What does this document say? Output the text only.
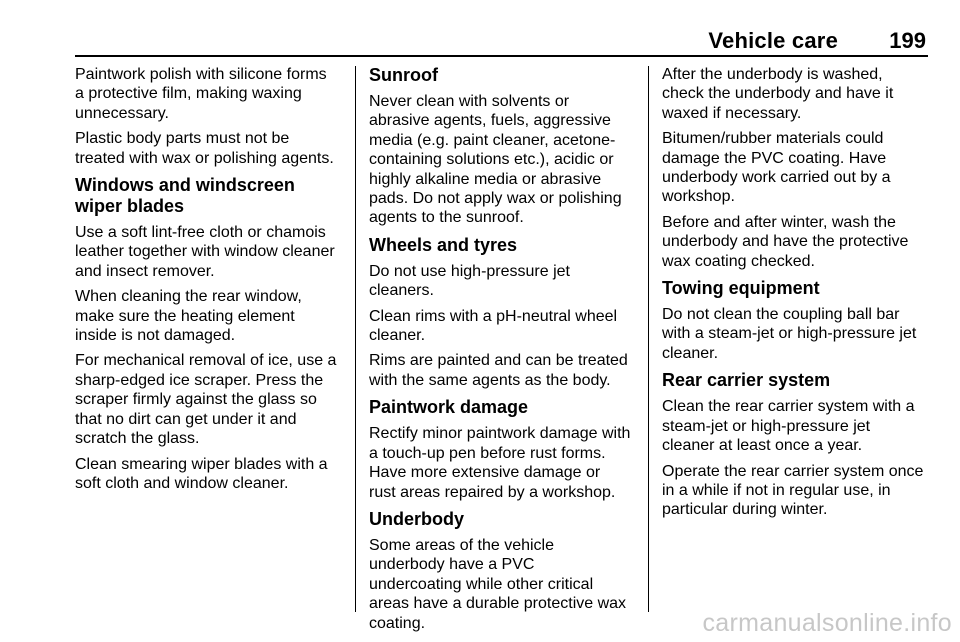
Vehicle care 199

Paintwork polish with silicone forms a protective film, making waxing unnecessary.

Plastic body parts must not be treated with wax or polishing agents.

Windows and windscreen wiper blades

Use a soft lint-free cloth or chamois leather together with window cleaner and insect remover.

When cleaning the rear window, make sure the heating element inside is not damaged.

For mechanical removal of ice, use a sharp-edged ice scraper. Press the scraper firmly against the glass so that no dirt can get under it and scratch the glass.

Clean smearing wiper blades with a soft cloth and window cleaner.

Sunroof

Never clean with solvents or abrasive agents, fuels, aggressive media (e.g. paint cleaner, acetone-containing solutions etc.), acidic or highly alkaline media or abrasive pads. Do not apply wax or polishing agents to the sunroof.

Wheels and tyres

Do not use high-pressure jet cleaners.

Clean rims with a pH-neutral wheel cleaner.

Rims are painted and can be treated with the same agents as the body.

Paintwork damage

Rectify minor paintwork damage with a touch-up pen before rust forms. Have more extensive damage or rust areas repaired by a workshop.

Underbody

Some areas of the vehicle underbody have a PVC undercoating while other critical areas have a durable protective wax coating.

After the underbody is washed, check the underbody and have it waxed if necessary.

Bitumen/rubber materials could damage the PVC coating. Have underbody work carried out by a workshop.

Before and after winter, wash the underbody and have the protective wax coating checked.

Towing equipment

Do not clean the coupling ball bar with a steam-jet or high-pressure jet cleaner.

Rear carrier system

Clean the rear carrier system with a steam-jet or high-pressure jet cleaner at least once a year.

Operate the rear carrier system once in a while if not in regular use, in particular during winter.

carmanualsonline.info
